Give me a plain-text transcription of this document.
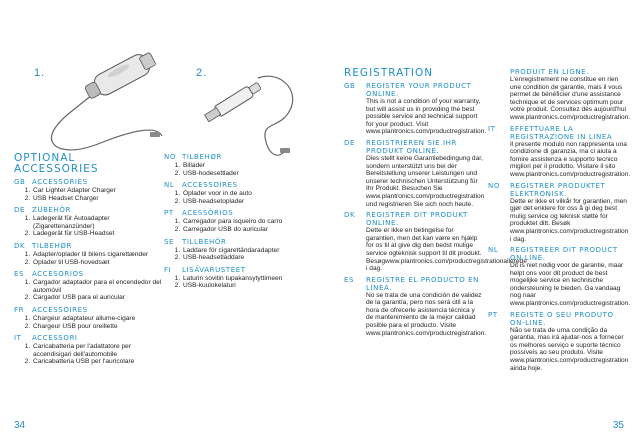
1.	2.
OPTIONAL
ACCESSORIES
GB ACCESSORIES
1. Car Lighter Adapter Charger
2. USB Headset Charger
DE ZUBEHÖR
1. Ladegerät für Autoadapter (Zigarettenanzünder)
2. Ladegerät für USB-Headset
DK TILBEHØR
1. Adapter/oplader til bilens cigarettænder
2. Oplader til USB-hovedsæt
ES ACCESORIOS
1. Cargador adaptador para el encendedor del automóvil
2. Cargador USB para el auricular
FR ACCESSOIRES
1. Chargeur adaptateur allume-cigare
2. Chargeur USB pour oreillette
IT ACCESSORI
1. Caricabatteria per l'adattatore per accendisigari dell'automobile
2. Caricabatteria USB per l'auricolare
NO TILBEHØR
1. Billader
2. USB-hodesettlader
NL ACCESSOIRES
1. Oplader voor in de auto
2. USB-headsetoplader
PT ACESSÓRIOS
1. Carregador para isqueiro do carro
2. Carregador USB do auricular
SE TILLBEHÖR
1. Laddare för cigarettändaradapter
2. USB-headsetladdare
FI LISÄVARUSTEET
1. Laturin sovitin tupakansytyttimeen
2. USB-kuulokelaturi
34
REGISTRATION
GB	REGISTER YOUR PRODUCT ONLINE.
This is not a condition of your warranty, but will assist us in providing the best possible service and technical support for your product. Visit www.plantronics.com/productregistration.
DE	REGISTRIEREN SIE IHR PRODUKT ONLINE.
Dies stellt keine Garantiebedingung dar, sondern unterstützt uns bei der Bereitstellung unserer Leistungen und unserer technischen Unterstützung für Ihr Produkt. Besuchen Sie www.plantronics.com/productregistration und registrieren Sie sich noch heute.
DK	REGISTRER DIT PRODUKT ONLINE.
Dette er ikke en betingelse for garantien, men det kan være en hjælp for os til at give dig den bedst mulige service ogteknisk support til dit produkt. Besøgwww.plantronics.com/productregistrationallerede i dag.
ES	REGISTRE EL PRODUCTO EN LÍNEA.
No se trata de una condición de validez de la garantía, pero nos será útil a la hora de ofrecerle asistencia técnica y de mantenimiento de la mejor calidad posible para el producto. Visite www.plantronics.com/productregistration.
PRODUIT EN LIGNE.
L'enregistrement ne constitue en rien une condition de garantie, mais il vous permet de bénéficier d'une assistance technique et de services optimum pour votre produit. Consultez dès aujourd'hui www.plantronics.com/productregistration.
IT	EFFETTUARE LA REGISTRAZIONE IN LINEA
Il presente modulo non rappresenta una condizione di garanzia, ma ci aiuta a fornire assistenza e supporto tecnico migliori per il prodotto. Visitare il sito www.plantronics.com/productregistration.
NO	REGISTRER PRODUKTET ELEKTRONISK.
Dette er ikke et vilkår for garantien, men gjør det enklere for oss å gi deg best mulig service og teknisk støtte for produktet ditt. Besøk www.plantronics.com/productregistration i dag.
NL	REGISTREER DIT PRODUCT ON LINE.
Dit is niet nodig voor de garantie, maar helpt ons voor dit product de best mogelijke service en technische ondersteuning te bieden. Ga vandaag nog naar www.plantronics.com/productregistration.
PT	REGISTE O SEU PRODUTO ON-LINE.
Não se trata de uma condição da garantia, mas irá ajudar-nos a fornecer os melhores serviço e suporte técnico possíveis ao seu produto. Visite www.plantronics.com/productregistration ainda hoje.
35
